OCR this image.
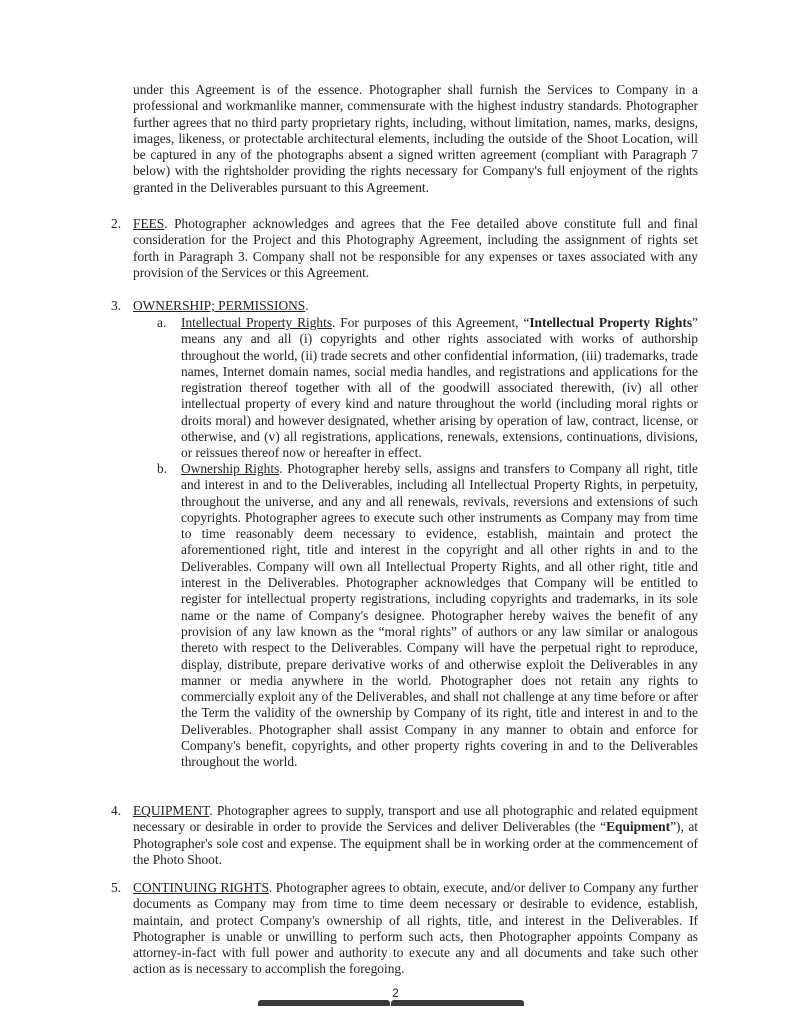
under this Agreement is of the essence. Photographer shall furnish the Services to Company in a professional and workmanlike manner, commensurate with the highest industry standards. Photographer further agrees that no third party proprietary rights, including, without limitation, names, marks, designs, images, likeness, or protectable architectural elements, including the outside of the Shoot Location, will be captured in any of the photographs absent a signed written agreement (compliant with Paragraph 7 below) with the rightsholder providing the rights necessary for Company's full enjoyment of the rights granted in the Deliverables pursuant to this Agreement.
2. FEES. Photographer acknowledges and agrees that the Fee detailed above constitute full and final consideration for the Project and this Photography Agreement, including the assignment of rights set forth in Paragraph 3. Company shall not be responsible for any expenses or taxes associated with any provision of the Services or this Agreement.
3. OWNERSHIP; PERMISSIONS.
a. Intellectual Property Rights. For purposes of this Agreement, “Intellectual Property Rights” means any and all (i) copyrights and other rights associated with works of authorship throughout the world, (ii) trade secrets and other confidential information, (iii) trademarks, trade names, Internet domain names, social media handles, and registrations and applications for the registration thereof together with all of the goodwill associated therewith, (iv) all other intellectual property of every kind and nature throughout the world (including moral rights or droits moral) and however designated, whether arising by operation of law, contract, license, or otherwise, and (v) all registrations, applications, renewals, extensions, continuations, divisions, or reissues thereof now or hereafter in effect.
b. Ownership Rights. Photographer hereby sells, assigns and transfers to Company all right, title and interest in and to the Deliverables, including all Intellectual Property Rights, in perpetuity, throughout the universe, and any and all renewals, revivals, reversions and extensions of such copyrights. Photographer agrees to execute such other instruments as Company may from time to time reasonably deem necessary to evidence, establish, maintain and protect the aforementioned right, title and interest in the copyright and all other rights in and to the Deliverables. Company will own all Intellectual Property Rights, and all other right, title and interest in the Deliverables. Photographer acknowledges that Company will be entitled to register for intellectual property registrations, including copyrights and trademarks, in its sole name or the name of Company's designee. Photographer hereby waives the benefit of any provision of any law known as the “moral rights” of authors or any law similar or analogous thereto with respect to the Deliverables. Company will have the perpetual right to reproduce, display, distribute, prepare derivative works of and otherwise exploit the Deliverables in any manner or media anywhere in the world. Photographer does not retain any rights to commercially exploit any of the Deliverables, and shall not challenge at any time before or after the Term the validity of the ownership by Company of its right, title and interest in and to the Deliverables. Photographer shall assist Company in any manner to obtain and enforce for Company's benefit, copyrights, and other property rights covering in and to the Deliverables throughout the world.
4. EQUIPMENT. Photographer agrees to supply, transport and use all photographic and related equipment necessary or desirable in order to provide the Services and deliver Deliverables (the “Equipment”), at Photographer's sole cost and expense. The equipment shall be in working order at the commencement of the Photo Shoot.
5. CONTINUING RIGHTS. Photographer agrees to obtain, execute, and/or deliver to Company any further documents as Company may from time to time deem necessary or desirable to evidence, establish, maintain, and protect Company's ownership of all rights, title, and interest in the Deliverables. If Photographer is unable or unwilling to perform such acts, then Photographer appoints Company as attorney-in-fact with full power and authority to execute any and all documents and take such other action as is necessary to accomplish the foregoing.
2
